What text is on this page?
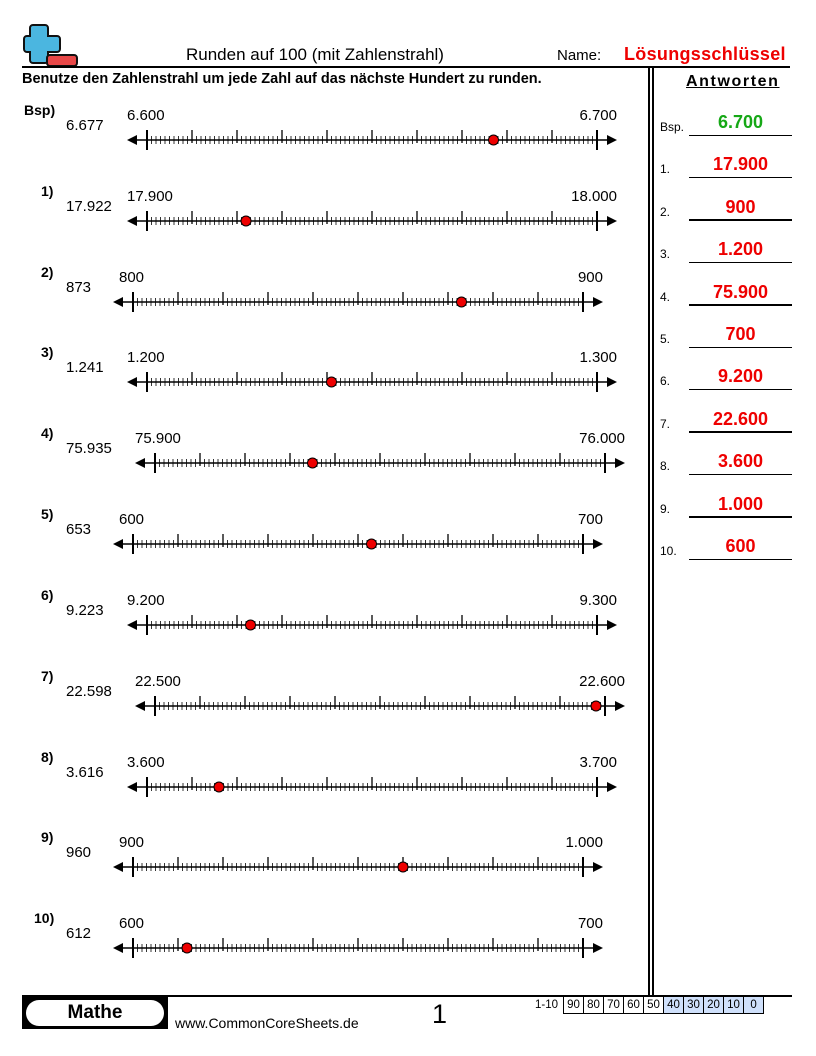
Runden auf 100 (mit Zahlenstrahl)	Name: Lösungsschlüssel
Benutze den Zahlenstrahl um jede Zahl auf das nächste Hundert zu runden.	Antworten
Bsp)
6.677
6.600	6.700
1)
17.922
17.900	18.000
2)
873
800	900
3)
1.241
1.200	1.300
4)
75.935
75.900	76.000
5)
653
600	700
6)
9.223
9.200	9.300
7)
22.598
22.500	22.600
8)
3.616
3.600	3.700
9)
960
900	1.000
10)
612
600	700
Bsp.	6.700
1.	17.900
2.	900
3.	1.200
4.	75.900
5.	700
6.	9.200
7.	22.600
8.	3.600
9.	1.000
10.	600
Mathe	www.CommonCoreSheets.de	1	1-10	90	80	70	60	50	40	30	20	10	0
